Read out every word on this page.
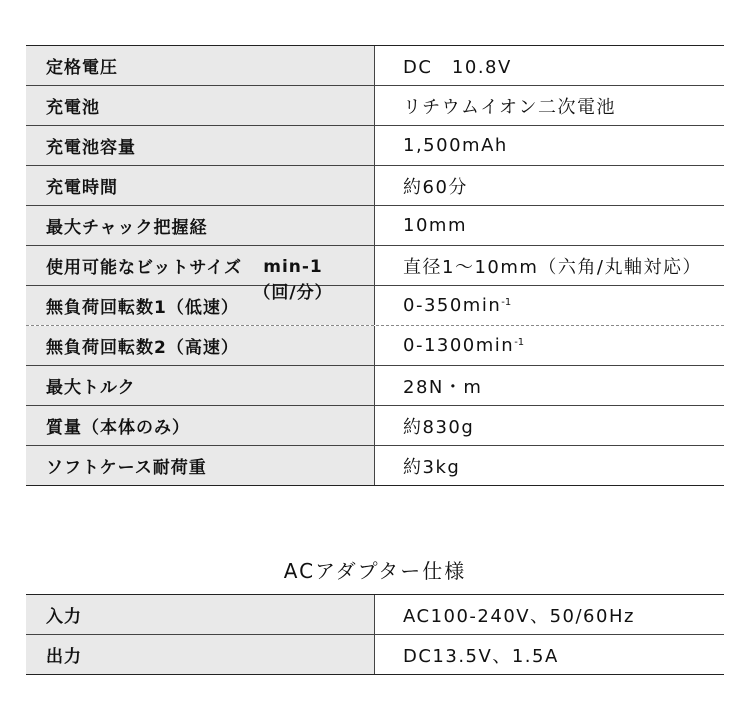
定格電圧	DC　10.8V
充電池	リチウムイオン二次電池
充電池容量	1,500mAh
充電時間	約60分
最大チャック把握経	10mm
使用可能なビットサイズ	直径1～10mm（六角/丸軸対応）
無負荷回転数1（低速）	0-350min -1
無負荷回転数2（高速）	0-1300min -1
最大トルク	28N・m
質量（本体のみ）	約830g
ソフトケース耐荷重	約3kg
min-1
（回/分）
ACアダプター仕様
入力	AC100-240V、50/60Hz
出力	DC13.5V、1.5A
